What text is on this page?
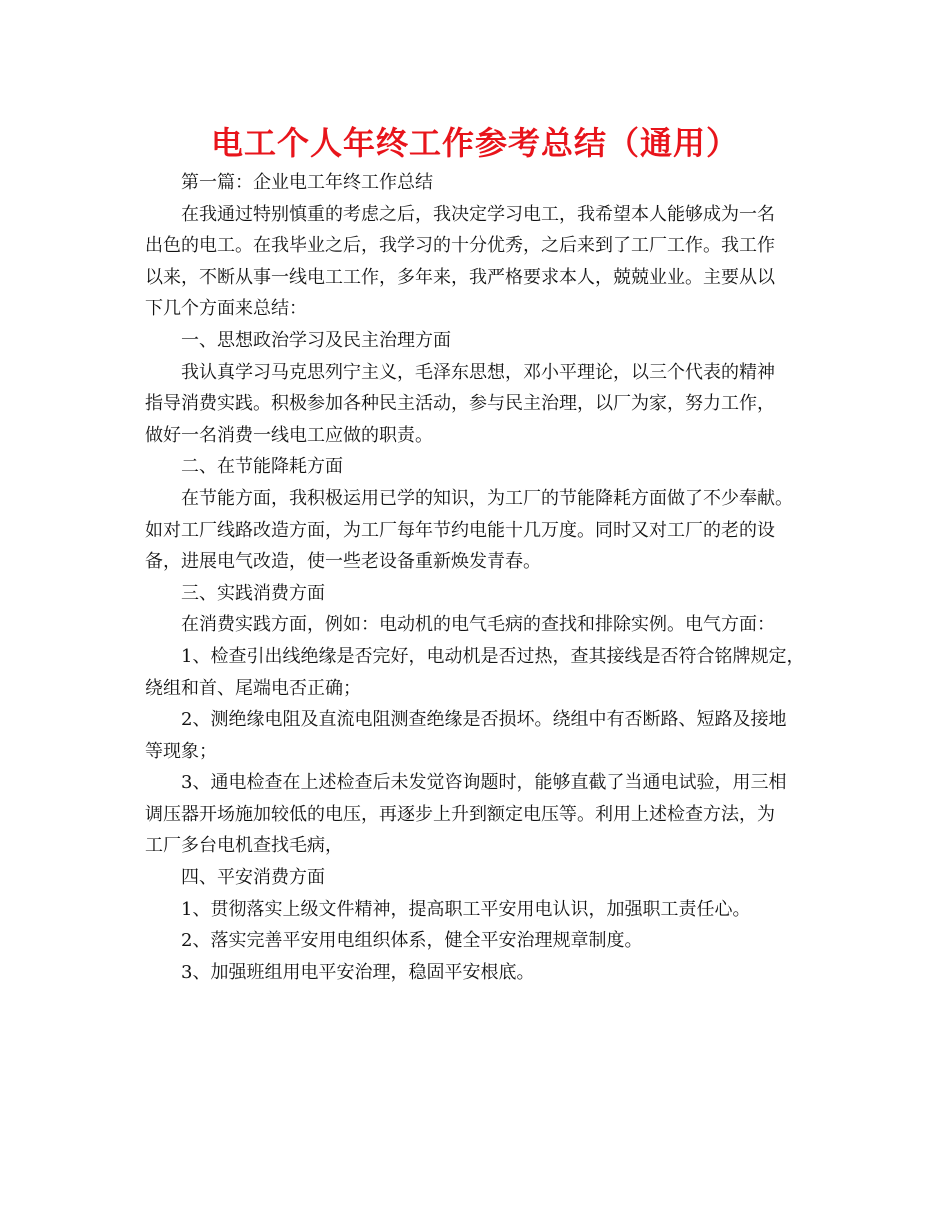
电工个人年终工作参考总结（通用）
第一篇：企业电工年终工作总结
在我通过特别慎重的考虑之后，我决定学习电工，我希望本人能够成为一名
出色的电工。在我毕业之后，我学习的十分优秀，之后来到了工厂工作。我工作
以来，不断从事一线电工工作，多年来，我严格要求本人，兢兢业业。主要从以
下几个方面来总结：
一、思想政治学习及民主治理方面
我认真学习马克思列宁主义，毛泽东思想，邓小平理论，以三个代表的精神
指导消费实践。积极参加各种民主活动，参与民主治理，以厂为家，努力工作，
做好一名消费一线电工应做的职责。
二、在节能降耗方面
在节能方面，我积极运用已学的知识，为工厂的节能降耗方面做了不少奉献。
如对工厂线路改造方面，为工厂每年节约电能十几万度。同时又对工厂的老的设
备，进展电气改造，使一些老设备重新焕发青春。
三、实践消费方面
在消费实践方面，例如：电动机的电气毛病的查找和排除实例。电气方面：
1、检查引出线绝缘是否完好，电动机是否过热，查其接线是否符合铭牌规定，
绕组和首、尾端电否正确；
2、测绝缘电阻及直流电阻测查绝缘是否损坏。绕组中有否断路、短路及接地
等现象；
3、通电检查在上述检查后未发觉咨询题时，能够直截了当通电试验，用三相
调压器开场施加较低的电压，再逐步上升到额定电压等。利用上述检查方法，为
工厂多台电机查找毛病，
四、平安消费方面
1、贯彻落实上级文件精神，提高职工平安用电认识，加强职工责任心。
2、落实完善平安用电组织体系，健全平安治理规章制度。
3、加强班组用电平安治理，稳固平安根底。
